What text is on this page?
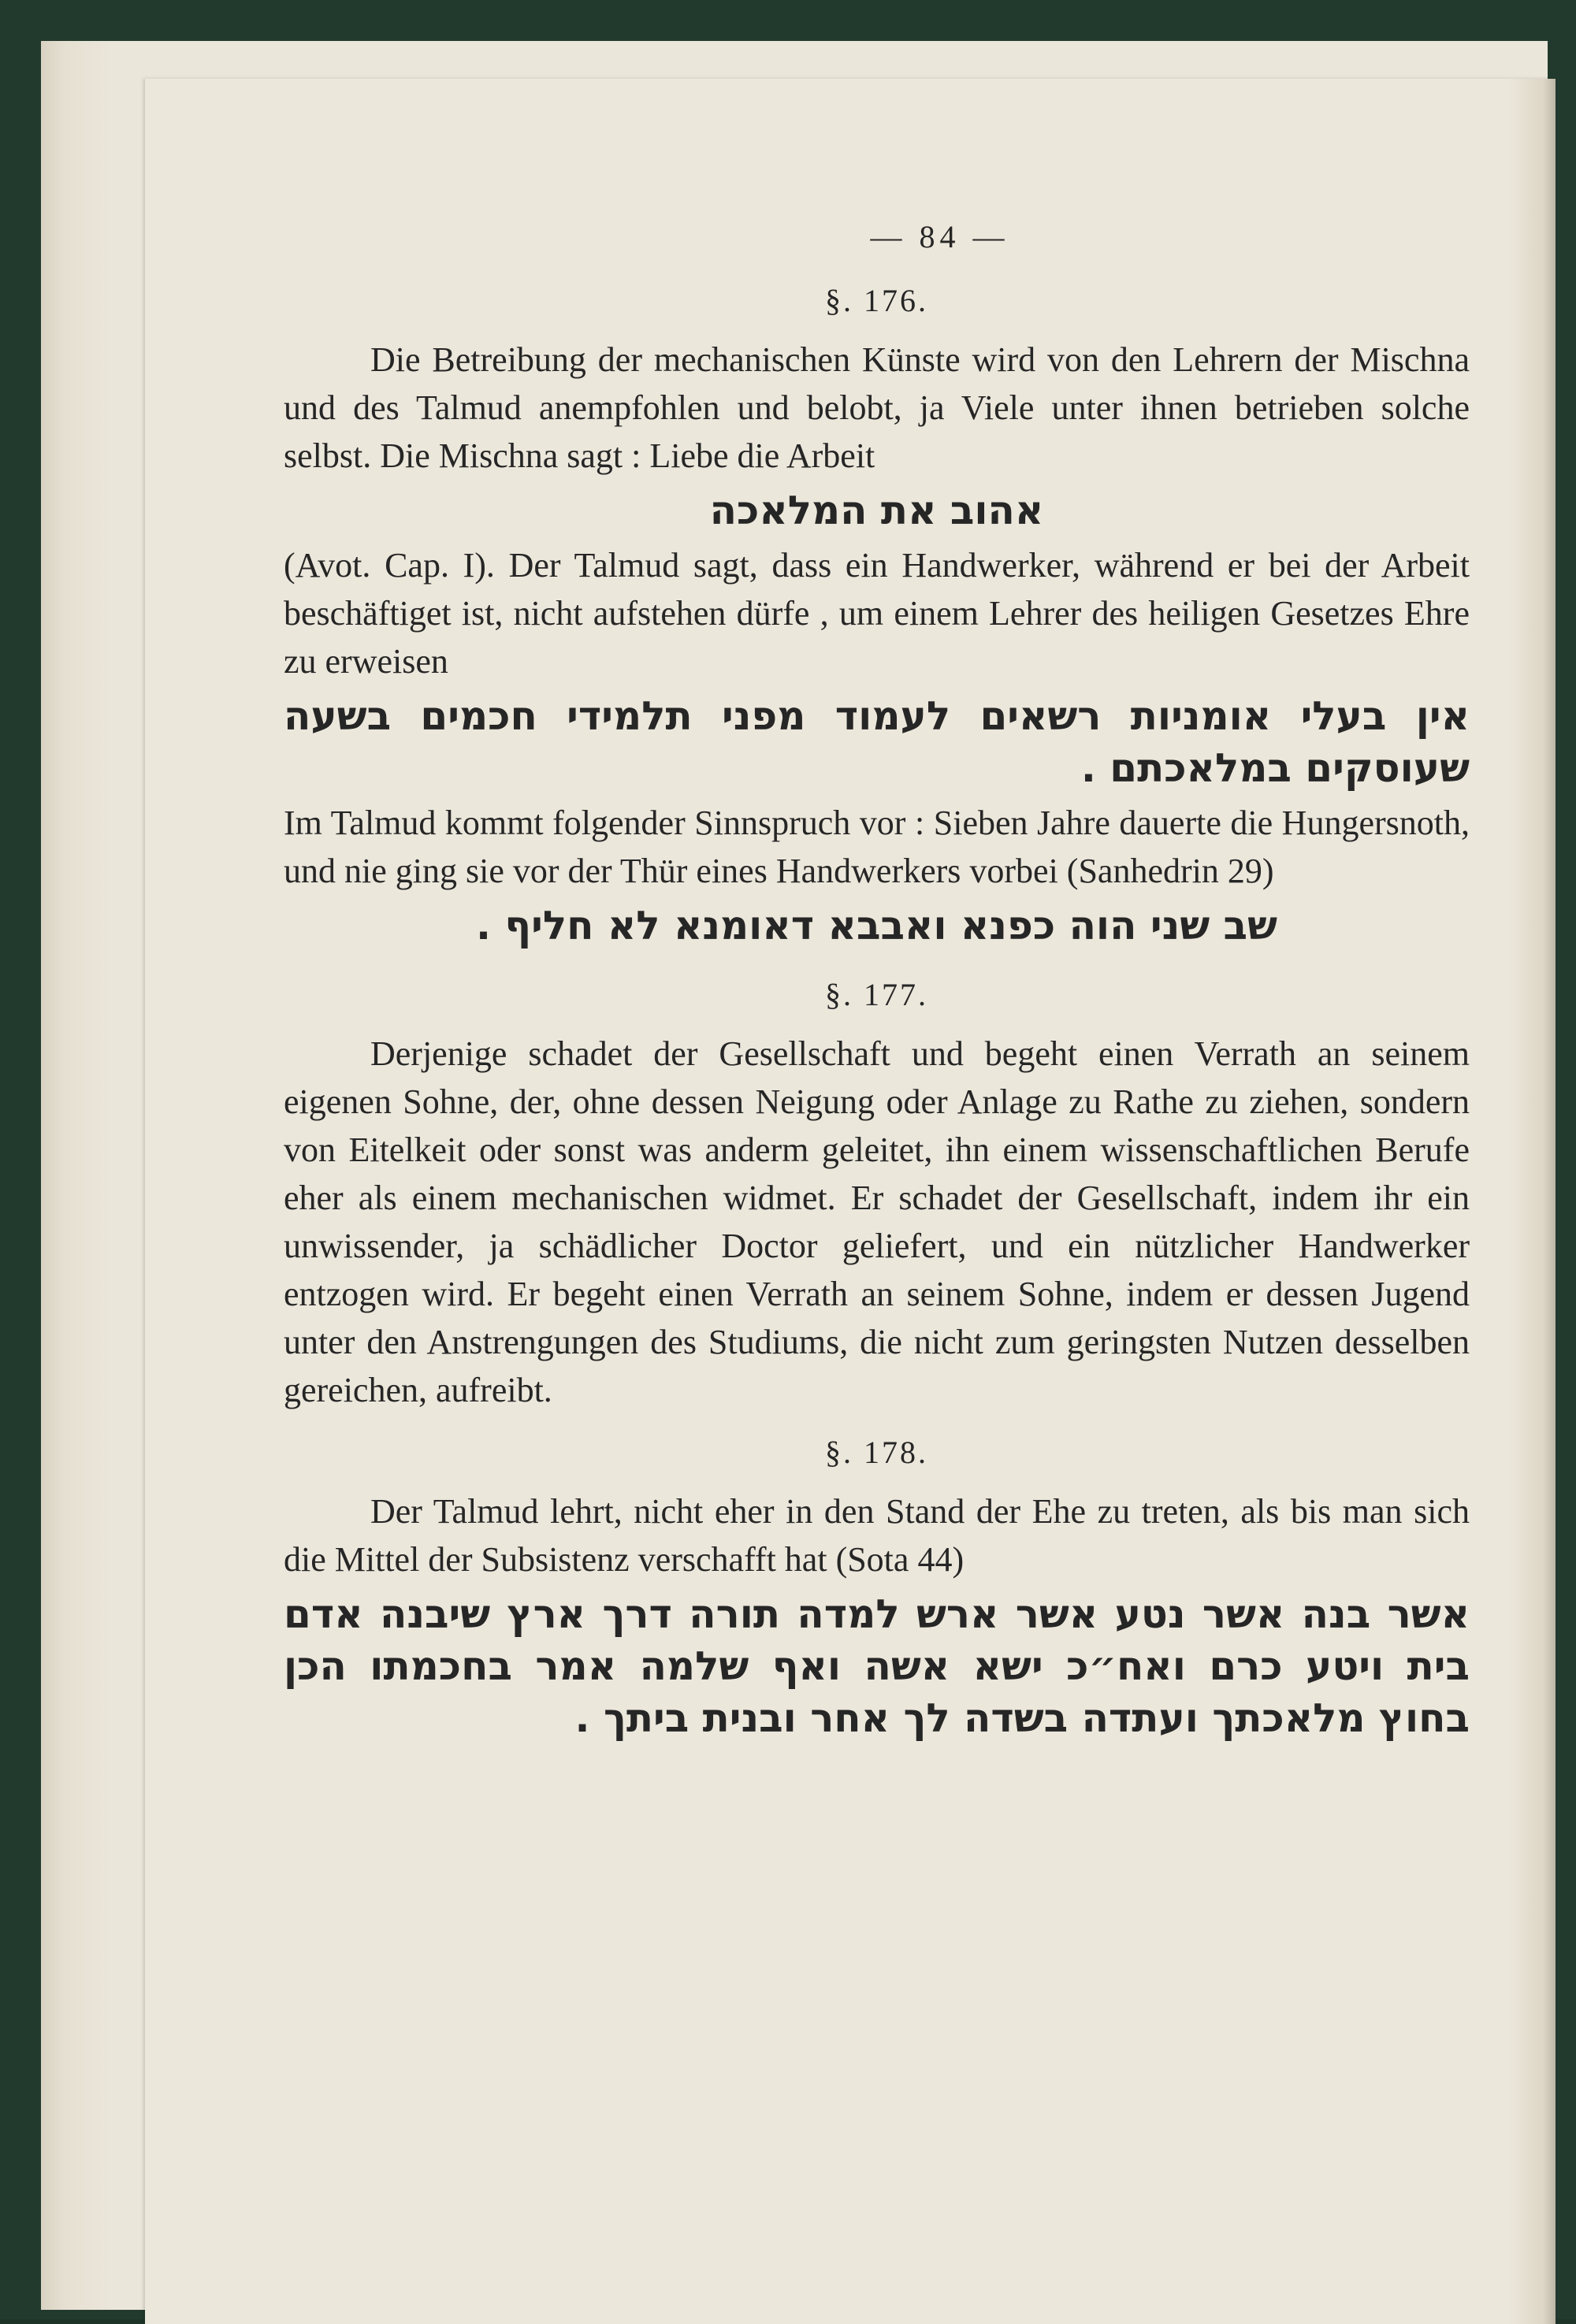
— 84 —
§. 176.

Die Betreibung der mechanischen Künste wird von den Lehrern der Mischna und des Talmud anempfohlen und belobt, ja Viele unter ihnen betrieben solche selbst. Die Mischna sagt : Liebe die Arbeit

אהוב את המלאכה

(Avot. Cap. I). Der Talmud sagt, dass ein Handwerker, während er bei der Arbeit beschäftiget ist, nicht aufstehen dürfe , um einem Lehrer des heiligen Gesetzes Ehre zu erweisen

אין בעלי אומניות רשאים לעמוד מפני תלמידי חכמים בשעה שעוסקים במלאכתם .

Im Talmud kommt folgender Sinnspruch vor : Sieben Jahre dauerte die Hungersnoth, und nie ging sie vor der Thür eines Handwerkers vorbei (Sanhedrin 29)

שב שני הוה כפנא ואבבא דאומנא לא חליף .
§. 177.

Derjenige schadet der Gesellschaft und begeht einen Verrath an seinem eigenen Sohne, der, ohne dessen Neigung oder Anlage zu Rathe zu ziehen, sondern von Eitelkeit oder sonst was anderm geleitet, ihn einem wissenschaftlichen Berufe eher als einem mechanischen widmet. Er schadet der Gesellschaft, indem ihr ein unwissender, ja schädlicher Doctor geliefert, und ein nützlicher Handwerker entzogen wird. Er begeht einen Verrath an seinem Sohne, indem er dessen Jugend unter den Anstrengungen des Studiums, die nicht zum geringsten Nutzen desselben gereichen, aufreibt.

§. 178.

Der Talmud lehrt, nicht eher in den Stand der Ehe zu treten, als bis man sich die Mittel der Subsistenz verschafft hat (Sota 44)

אשר בנה אשר נטע אשר ארש למדה תורה דרך ארץ שיבנה אדם בית ויטע כרם ואח״כ ישא אשה ואף שלמה אמר בחכמתו הכן בחוץ מלאכתך ועתדה בשדה לך אחר ובנית ביתך .
